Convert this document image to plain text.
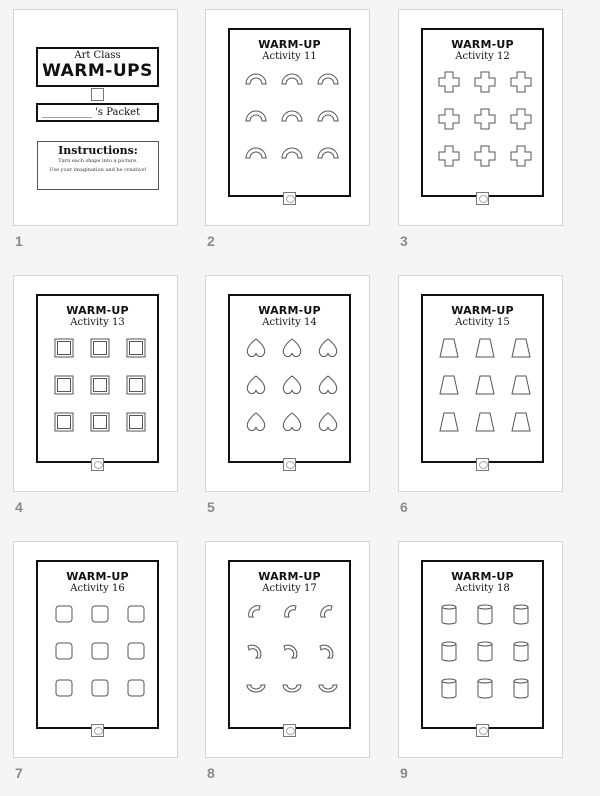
Art Class
WARM-UPS
__________ 's Packet
Instructions:
Turn each shape into a picture.
Use your imagination and be creative!
1
WARM-UP
Activity 11
2
WARM-UP
Activity 12
3
WARM-UP
Activity 13
4
WARM-UP
Activity 14
5
WARM-UP
Activity 15
6
WARM-UP
Activity 16
7
WARM-UP
Activity 17
8
WARM-UP
Activity 18
9
